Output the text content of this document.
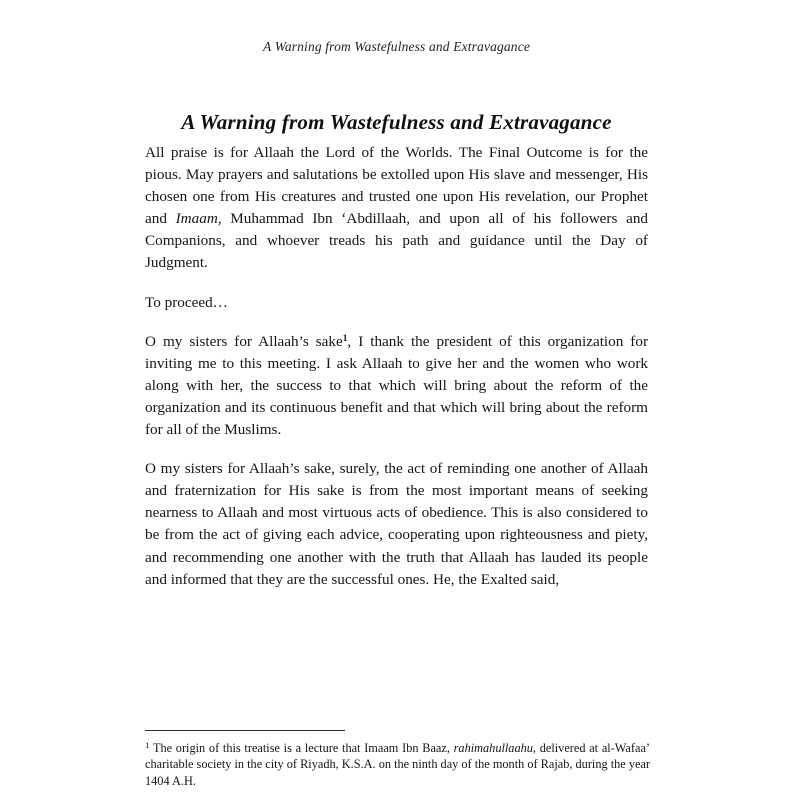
A Warning from Wastefulness and Extravagance
A Warning from Wastefulness and Extravagance

All praise is for Allaah the Lord of the Worlds. The Final Outcome is for the pious. May prayers and salutations be extolled upon His slave and messenger, His chosen one from His creatures and trusted one upon His revelation, our Prophet and Imaam, Muhammad Ibn ‘Abdillaah, and upon all of his followers and Companions, and whoever treads his path and guidance until the Day of Judgment.

To proceed…

O my sisters for Allaah’s sake$^1$, I thank the president of this organization for inviting me to this meeting. I ask Allaah to give her and the women who work along with her, the success to that which will bring about the reform of the organization and its continuous benefit and that which will bring about the reform for all of the Muslims.

O my sisters for Allaah’s sake, surely, the act of reminding one another of Allaah and fraternization for His sake is from the most important means of seeking nearness to Allaah and most virtuous acts of obedience. This is also considered to be from the act of giving each advice, cooperating upon righteousness and piety, and recommending one another with the truth that Allaah has lauded its people and informed that they are the successful ones. He, the Exalted said,

$^1$ The origin of this treatise is a lecture that Imaam Ibn Baaz, rahimahullaahu, delivered at al-Wafaa’ charitable society in the city of Riyadh, K.S.A. on the ninth day of the month of Rajab, during the year 1404 A.H.
